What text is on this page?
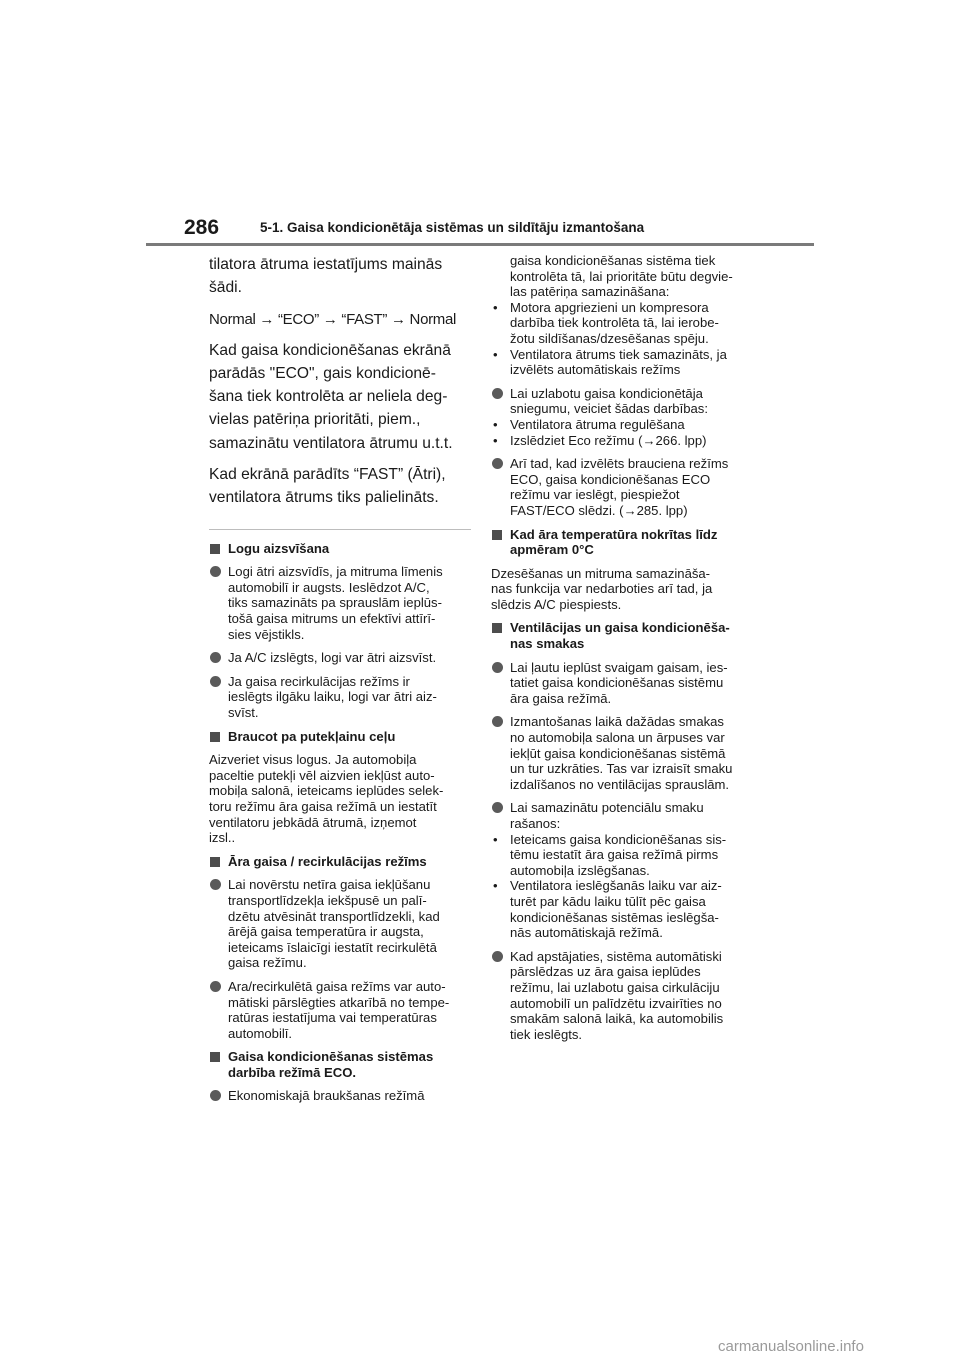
286	5-1. Gaisa kondicionētāja sistēmas un sildītāju izmantošana
tilatora ātruma iestatījums mainās
šādi.
Normal → “ECO” → “FAST” → Normal
Kad gaisa kondicionēšanas ekrānā
parādās "ECO", gais kondicionē-
šana tiek kontrolēta ar neliela deg-
vielas patēriņa prioritāti, piem.,
samazinātu ventilatora ātrumu u.t.t.
Kad ekrānā parādīts “FAST” (Ātri),
ventilatora ātrums tiks palielināts.
Logu aizsvīšana
Logi ātri aizsvīdīs, ja mitruma līmenis
automobilī ir augsts. Ieslēdzot A/C,
tiks samazināts pa sprauslām ieplūs-
tošā gaisa mitrums un efektīvi attīrī-
sies vējstikls.
Ja A/C izslēgts, logi var ātri aizsvīst.
Ja gaisa recirkulācijas režīms ir
ieslēgts ilgāku laiku, logi var ātri aiz-
svīst.
Braucot pa putekļainu ceļu
Aizveriet visus logus. Ja automobiļa
paceltie putekļi vēl aizvien iekļūst auto-
mobiļa salonā, ieteicams ieplūdes selek-
toru režīmu āra gaisa režīmā un iestatīt
ventilatoru jebkādā ātrumā, izņemot
izsl..
Āra gaisa / recirkulācijas režīms
Lai novērstu netīra gaisa iekļūšanu
transportlīdzekļa iekšpusē un palī-
dzētu atvēsināt transportlīdzekli, kad
ārējā gaisa temperatūra ir augsta,
ieteicams īslaicīgi iestatīt recirkulētā
gaisa režīmu.
Ara/recirkulētā gaisa režīms var auto-
mātiski pārslēgties atkarībā no tempe-
ratūras iestatījuma vai temperatūras
automobilī.
Gaisa kondicionēšanas sistēmas
darbība režīmā ECO.
Ekonomiskajā braukšanas režīmā
gaisa kondicionēšanas sistēma tiek
kontrolēta tā, lai prioritāte būtu degvie-
las patēriņa samazināšana:
• Motora apgriezieni un kompresora
darbība tiek kontrolēta tā, lai ierobe-
žotu sildīšanas/dzesēšanas spēju.
• Ventilatora ātrums tiek samazināts, ja
izvēlēts automātiskais režīms
Lai uzlabotu gaisa kondicionētāja
sniegumu, veiciet šādas darbības:
• Ventilatora ātruma regulēšana
• Izslēdziet Eco režīmu (→266. lpp)
Arī tad, kad izvēlēts brauciena režīms
ECO, gaisa kondicionēšanas ECO
režīmu var ieslēgt, piespiežot
FAST/ECO slēdzi. (→285. lpp)
Kad āra temperatūra nokrītas līdz
apmēram 0°C
Dzesēšanas un mitruma samazināša-
nas funkcija var nedarboties arī tad, ja
slēdzis A/C piespiests.
Ventilācijas un gaisa kondicionēša-
nas smakas
Lai ļautu ieplūst svaigam gaisam, ies-
tatiet gaisa kondicionēšanas sistēmu
āra gaisa režīmā.
Izmantošanas laikā dažādas smakas
no automobiļa salona un ārpuses var
iekļūt gaisa kondicionēšanas sistēmā
un tur uzkrāties. Tas var izraisīt smaku
izdalīšanos no ventilācijas sprauslām.
Lai samazinātu potenciālu smaku
rašanos:
• Ieteicams gaisa kondicionēšanas sis-
tēmu iestatīt āra gaisa režīmā pirms
automobiļa izslēgšanas.
• Ventilatora ieslēgšanās laiku var aiz-
turēt par kādu laiku tūlīt pēc gaisa
kondicionēšanas sistēmas ieslēgša-
nās automātiskajā režīmā.
Kad apstājaties, sistēma automātiski
pārslēdzas uz āra gaisa ieplūdes
režīmu, lai uzlabotu gaisa cirkulāciju
automobilī un palīdzētu izvairīties no
smakām salonā laikā, ka automobilis
tiek ieslēgts.
carmanualsonline.info
